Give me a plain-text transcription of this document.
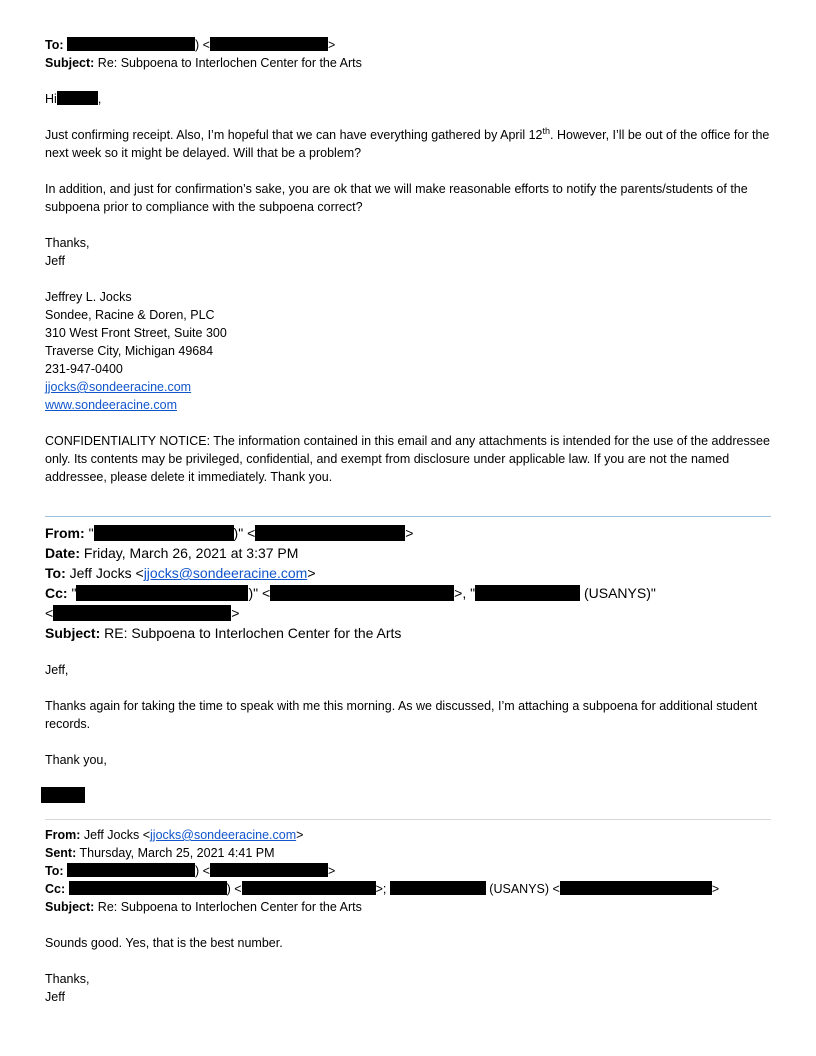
To:	) <	>
Subject: Re: Subpoena to Interlochen Center for the Arts
Hi	,

Just confirming receipt. Also, I’m hopeful that we can have everything gathered by April 12th. However, I’ll be out of the office for the next week so it might be delayed. Will that be a problem?

In addition, and just for confirmation’s sake, you are ok that we will make reasonable efforts to notify the parents/students of the subpoena prior to compliance with the subpoena correct?

Thanks,
Jeff
Jeffrey L. Jocks
Sondee, Racine & Doren, PLC
310 West Front Street, Suite 300
Traverse City, Michigan 49684
231-947-0400
jjocks@sondeeracine.com
www.sondeeracine.com

CONFIDENTIALITY NOTICE: The information contained in this email and any attachments is intended for the use of the addressee only. Its contents may be privileged, confidential, and exempt from disclosure under applicable law. If you are not the named addressee, please delete it immediately. Thank you.

From: "	)" <	>
Date: Friday, March 26, 2021 at 3:37 PM
To: Jeff Jocks <jjocks@sondeeracine.com>
Cc: "	)" <	>, "	(USANYS)"
<	>
Subject: RE: Subpoena to Interlochen Center for the Arts
Jeff,

Thanks again for taking the time to speak with me this morning. As we discussed, I’m attaching a subpoena for additional student records.

Thank you,
From: Jeff Jocks <jjocks@sondeeracine.com>
Sent: Thursday, March 25, 2021 4:41 PM
To:	) <	>
Cc:	) <	>;	(USANYS) <	>
Subject: Re: Subpoena to Interlochen Center for the Arts
Sounds good. Yes, that is the best number.
Thanks,
Jeff
